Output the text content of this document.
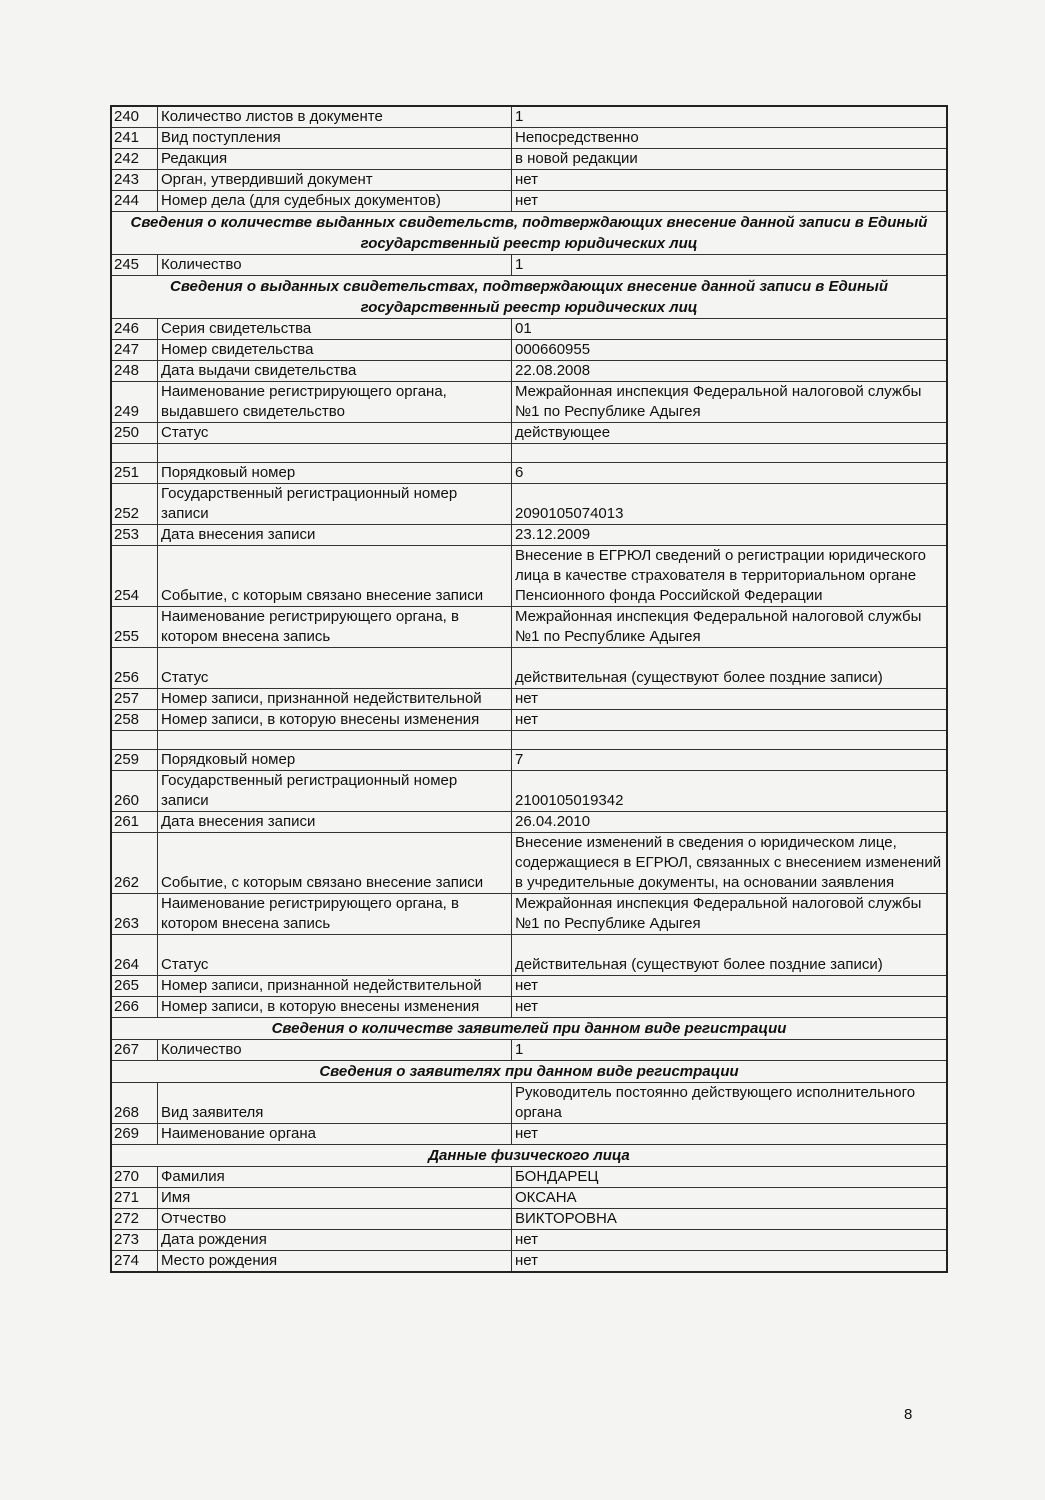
240	Количество листов в документе	1
241	Вид поступления	Непосредственно
242	Редакция	в новой редакции
243	Орган, утвердивший документ	нет
244	Номер дела (для судебных документов)	нет
Сведения о количестве выданных свидетельств, подтверждающих внесение данной записи в Единый государственный реестр юридических лиц		
245	Количество	1
Сведения о выданных свидетельствах, подтверждающих внесение данной записи в Единый государственный реестр юридических лиц		
246	Серия свидетельства	01
247	Номер свидетельства	000660955
248	Дата выдачи свидетельства	22.08.2008
249	Наименование регистрирующего органа, выдавшего свидетельство	Межрайонная инспекция Федеральной налоговой службы №1 по Республике Адыгея
250	Статус	действующее

251	Порядковый номер	6
252	Государственный регистрационный номер записи	2090105074013
253	Дата внесения записи	23.12.2009
254	Событие, с которым связано внесение записи	Внесение в ЕГРЮЛ сведений о регистрации юридического лица в качестве страхователя в территориальном органе Пенсионного фонда Российской Федерации
255	Наименование регистрирующего органа, в котором внесена запись	Межрайонная инспекция Федеральной налоговой службы №1 по Республике Адыгея
256	Статус	действительная (существуют более поздние записи)
257	Номер записи, признанной недействительной	нет
258	Номер записи, в которую внесены изменения	нет

259	Порядковый номер	7
260	Государственный регистрационный номер записи	2100105019342
261	Дата внесения записи	26.04.2010
262	Событие, с которым связано внесение записи	Внесение изменений в сведения о юридическом лице, содержащиеся в ЕГРЮЛ, связанных с внесением изменений в учредительные документы, на основании заявления
263	Наименование регистрирующего органа, в котором внесена запись	Межрайонная инспекция Федеральной налоговой службы №1 по Республике Адыгея
264	Статус	действительная (существуют более поздние записи)
265	Номер записи, признанной недействительной	нет
266	Номер записи, в которую внесены изменения	нет
Сведения о количестве заявителей при данном виде регистрации		
267	Количество	1
Сведения о заявителях при данном виде регистрации		
268	Вид заявителя	Руководитель постоянно действующего исполнительного органа
269	Наименование органа	нет
Данные физического лица		
270	Фамилия	БОНДАРЕЦ
271	Имя	ОКСАНА
272	Отчество	ВИКТОРОВНА
273	Дата рождения	нет
274	Место рождения	нет
8
